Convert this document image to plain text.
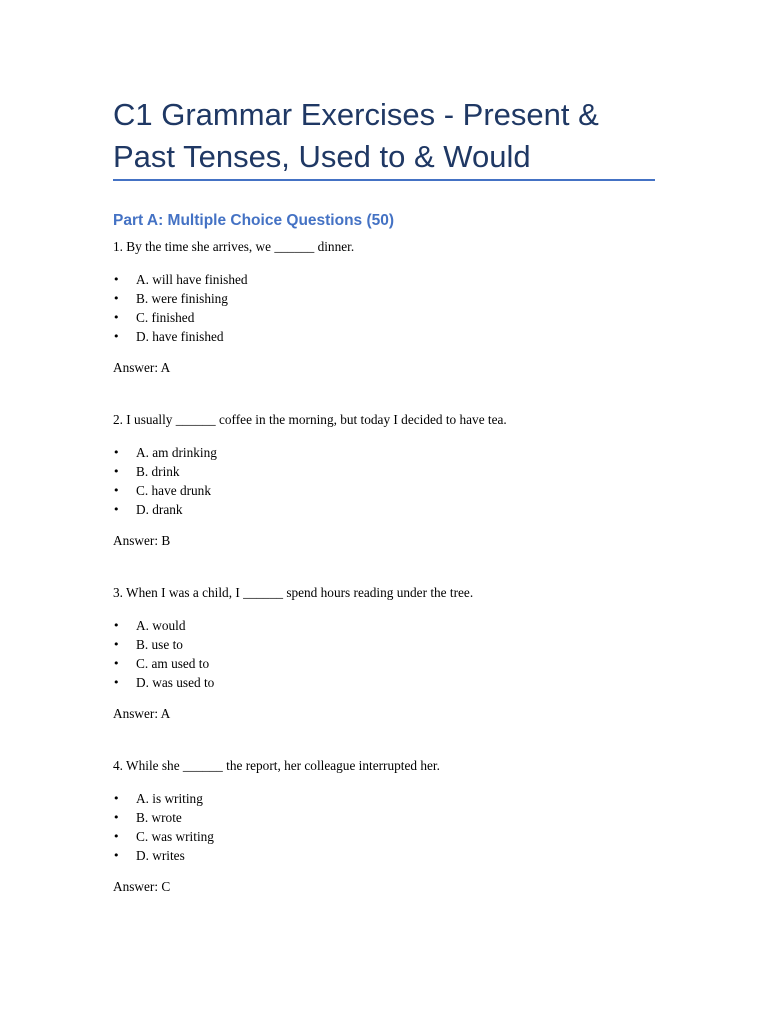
C1 Grammar Exercises - Present & Past Tenses, Used to & Would
Part A: Multiple Choice Questions (50)

1. By the time she arrives, we ______ dinner.

• A. will have finished
• B. were finishing
• C. finished
• D. have finished

Answer: A

2. I usually ______ coffee in the morning, but today I decided to have tea.

• A. am drinking
• B. drink
• C. have drunk
• D. drank

Answer: B

3. When I was a child, I ______ spend hours reading under the tree.

• A. would
• B. use to
• C. am used to
• D. was used to

Answer: A

4. While she ______ the report, her colleague interrupted her.

• A. is writing
• B. wrote
• C. was writing
• D. writes

Answer: C
